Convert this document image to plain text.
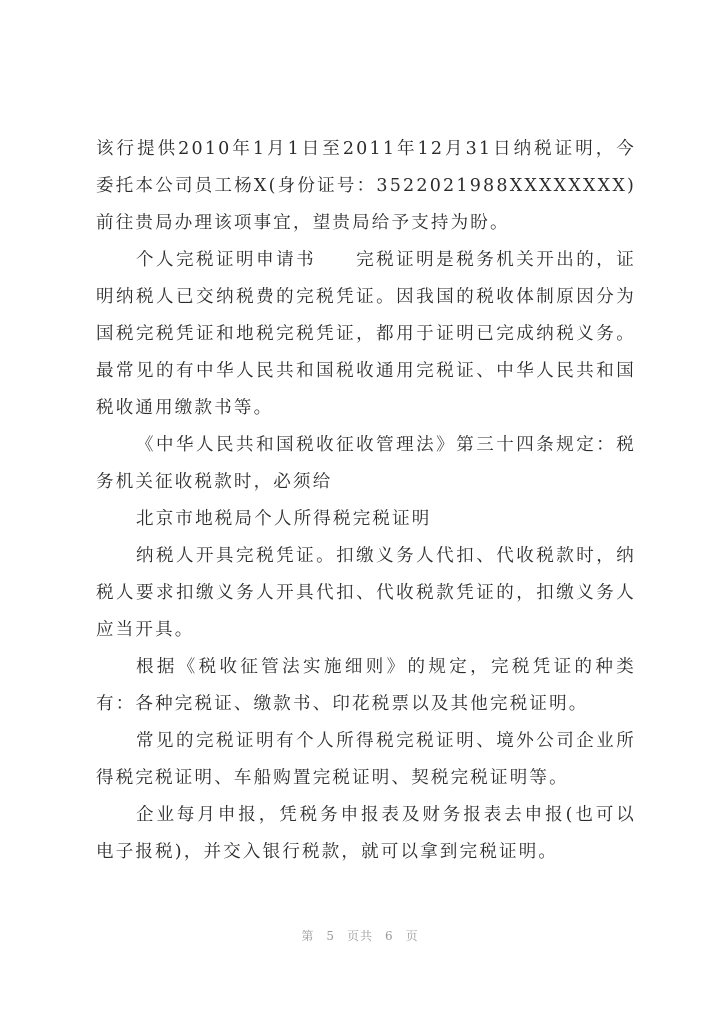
该行提供2010年1月1日至2011年12月31日纳税证明，今委托本公司员工杨X(身份证号：3522021988XXXXXXXX)前往贵局办理该项事宜，望贵局给予支持为盼。

个人完税证明申请书　　完税证明是税务机关开出的，证明纳税人已交纳税费的完税凭证。因我国的税收体制原因分为国税完税凭证和地税完税凭证，都用于证明已完成纳税义务。最常见的有中华人民共和国税收通用完税证、中华人民共和国税收通用缴款书等。

《中华人民共和国税收征收管理法》第三十四条规定：税务机关征收税款时，必须给

北京市地税局个人所得税完税证明

纳税人开具完税凭证。扣缴义务人代扣、代收税款时，纳税人要求扣缴义务人开具代扣、代收税款凭证的，扣缴义务人应当开具。

根据《税收征管法实施细则》的规定，完税凭证的种类有：各种完税证、缴款书、印花税票以及其他完税证明。

常见的完税证明有个人所得税完税证明、境外公司企业所得税完税证明、车船购置完税证明、契税完税证明等。

企业每月申报，凭税务申报表及财务报表去申报(也可以电子报税)，并交入银行税款，就可以拿到完税证明。

第 5 页共 6 页
